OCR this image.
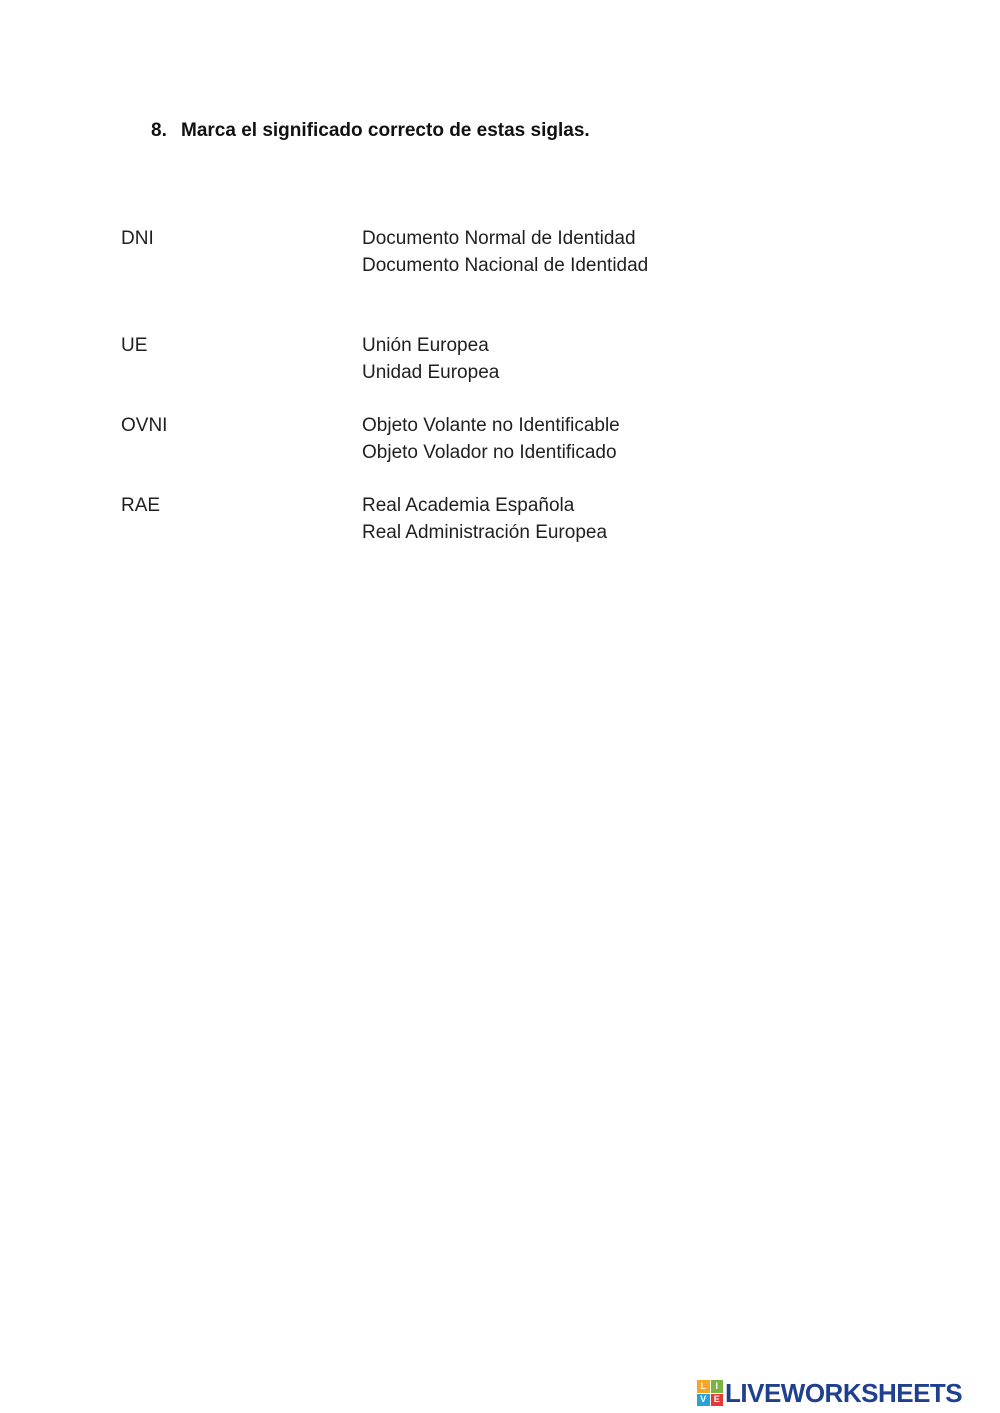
8. Marca el significado correcto de estas siglas.
DNI	Documento Normal de Identidad
Documento Nacional de Identidad
UE	Unión Europea
Unidad Europea
OVNI	Objeto Volante no Identificable
Objeto Volador no Identificado
RAE	Real Academia Española
Real Administración Europea
L	I
V E LIVEWORKSHEETS
